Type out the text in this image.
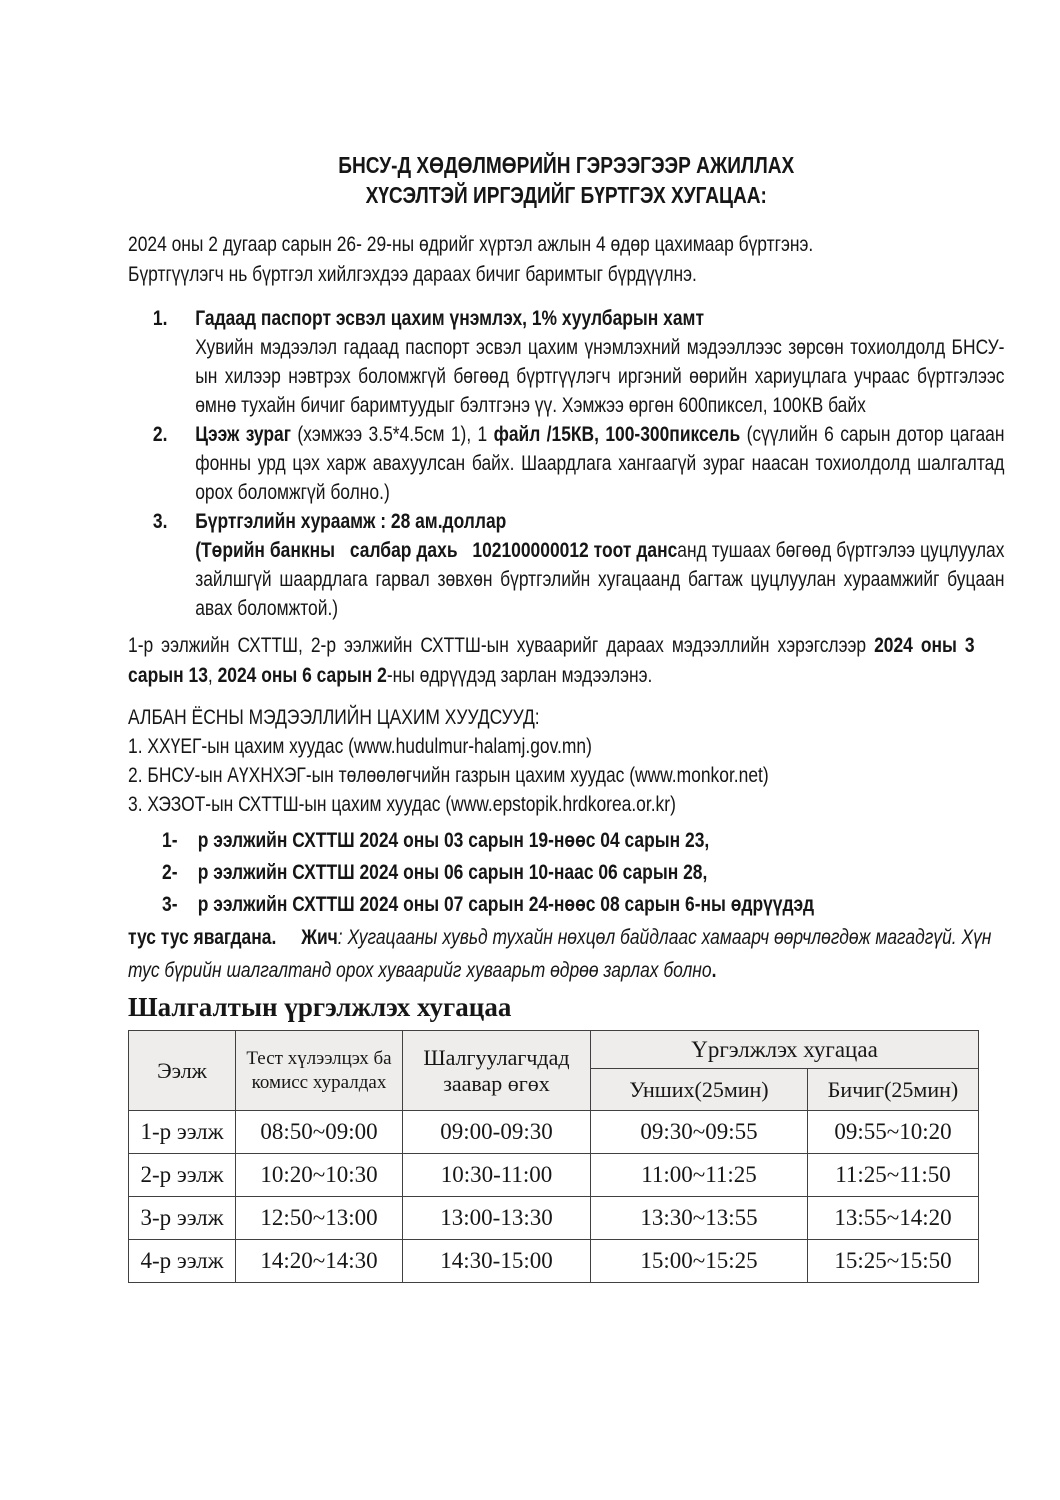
БНСУ-Д ХӨДӨЛМӨРИЙН ГЭРЭЭГЭЭР АЖИЛЛАХ
ХҮСЭЛТЭЙ ИРГЭДИЙГ БҮРТГЭХ ХУГАЦАА:
2024 оны 2 дугаар сарын 26- 29-ны өдрийг хүртэл ажлын 4 өдөр цахимаар бүртгэнэ.
Бүртгүүлэгч нь бүртгэл хийлгэхдээ дараах бичиг баримтыг бүрдүүлнэ.
1. Гадаад паспорт эсвэл цахим үнэмлэх, 1% хуулбарын хамт
Хувийн мэдээлэл гадаад паспорт эсвэл цахим үнэмлэхний мэдээллээс зөрсөн тохиолдолд БНСУ-ын хилээр нэвтрэх боломжгүй бөгөөд бүртгүүлэгч иргэний өөрийн хариуцлага учраас бүртгэлээс өмнө тухайн бичиг баримтуудыг бэлтгэнэ үү. Хэмжээ өргөн 600пиксел, 100КВ байх
2. Цээж зураг (хэмжээ 3.5*4.5см 1), 1 файл /15КВ, 100-300пиксель (сүүлийн 6 сарын дотор цагаан фонны урд цэх харж авахуулсан байх. Шаардлага хангаагүй зураг наасан тохиолдолд шалгалтад орох боломжгүй болно.)
3. Бүртгэлийн хураамж : 28 ам.доллар
(Төрийн банкны   салбар дахь   102100000012 тоот дансанд тушаах бөгөөд бүртгэлээ цуцлуулах зайлшгүй шаардлага гарвал зөвхөн бүртгэлийн хугацаанд багтаж цуцлуулан хураамжийг буцаан авах боломжтой.)
1-р ээлжийн СХТТШ, 2-р ээлжийн СХТТШ-ын хуваарийг дараах мэдээллийн хэрэгслээр 2024 оны 3 сарын 13, 2024 оны 6 сарын 2-ны өдрүүдэд зарлан мэдээлэнэ.
АЛБАН ЁСНЫ МЭДЭЭЛЛИЙН ЦАХИМ ХУУДСУУД:
1. ХХҮЕГ-ын цахим хуудас (www.hudulmur-halamj.gov.mn)
2. БНСУ-ын АҮХНХЭГ-ын төлөөлөгчийн газрын цахим хуудас (www.monkor.net)
3. ХЭЗОТ-ын СХТТШ-ын цахим хуудас (www.epstopik.hrdkorea.or.kr)
1- р ээлжийн СХТТШ 2024 оны 03 сарын 19-нөөс 04 сарын 23,
2- р ээлжийн СХТТШ 2024 оны 06 сарын 10-наас 06 сарын 28,
3- р ээлжийн СХТТШ 2024 оны 07 сарын 24-нөөс 08 сарын 6-ны өдрүүдэд
тус тус явагдана. Жич: Хугацааны хувьд тухайн нөхцөл байдлаас хамаарч өөрчлөгдөж магадгүй. Хүн тус бүрийн шалгалтанд орох хуваарийг хуваарьт өдрөө зарлах болно.
Шалгалтын үргэлжлэх хугацаа
Ээлж	Тест хүлээлцэх ба комисс хуралдах	Шалгуулагчдад заавар өгөх	Үргэлжлэх хугацаа	
			Унших(25мин)	Бичиг(25мин)
1-р ээлж	08:50~09:00	09:00-09:30	09:30~09:55	09:55~10:20
2-р ээлж	10:20~10:30	10:30-11:00	11:00~11:25	11:25~11:50
3-р ээлж	12:50~13:00	13:00-13:30	13:30~13:55	13:55~14:20
4-р ээлж	14:20~14:30	14:30-15:00	15:00~15:25	15:25~15:50
